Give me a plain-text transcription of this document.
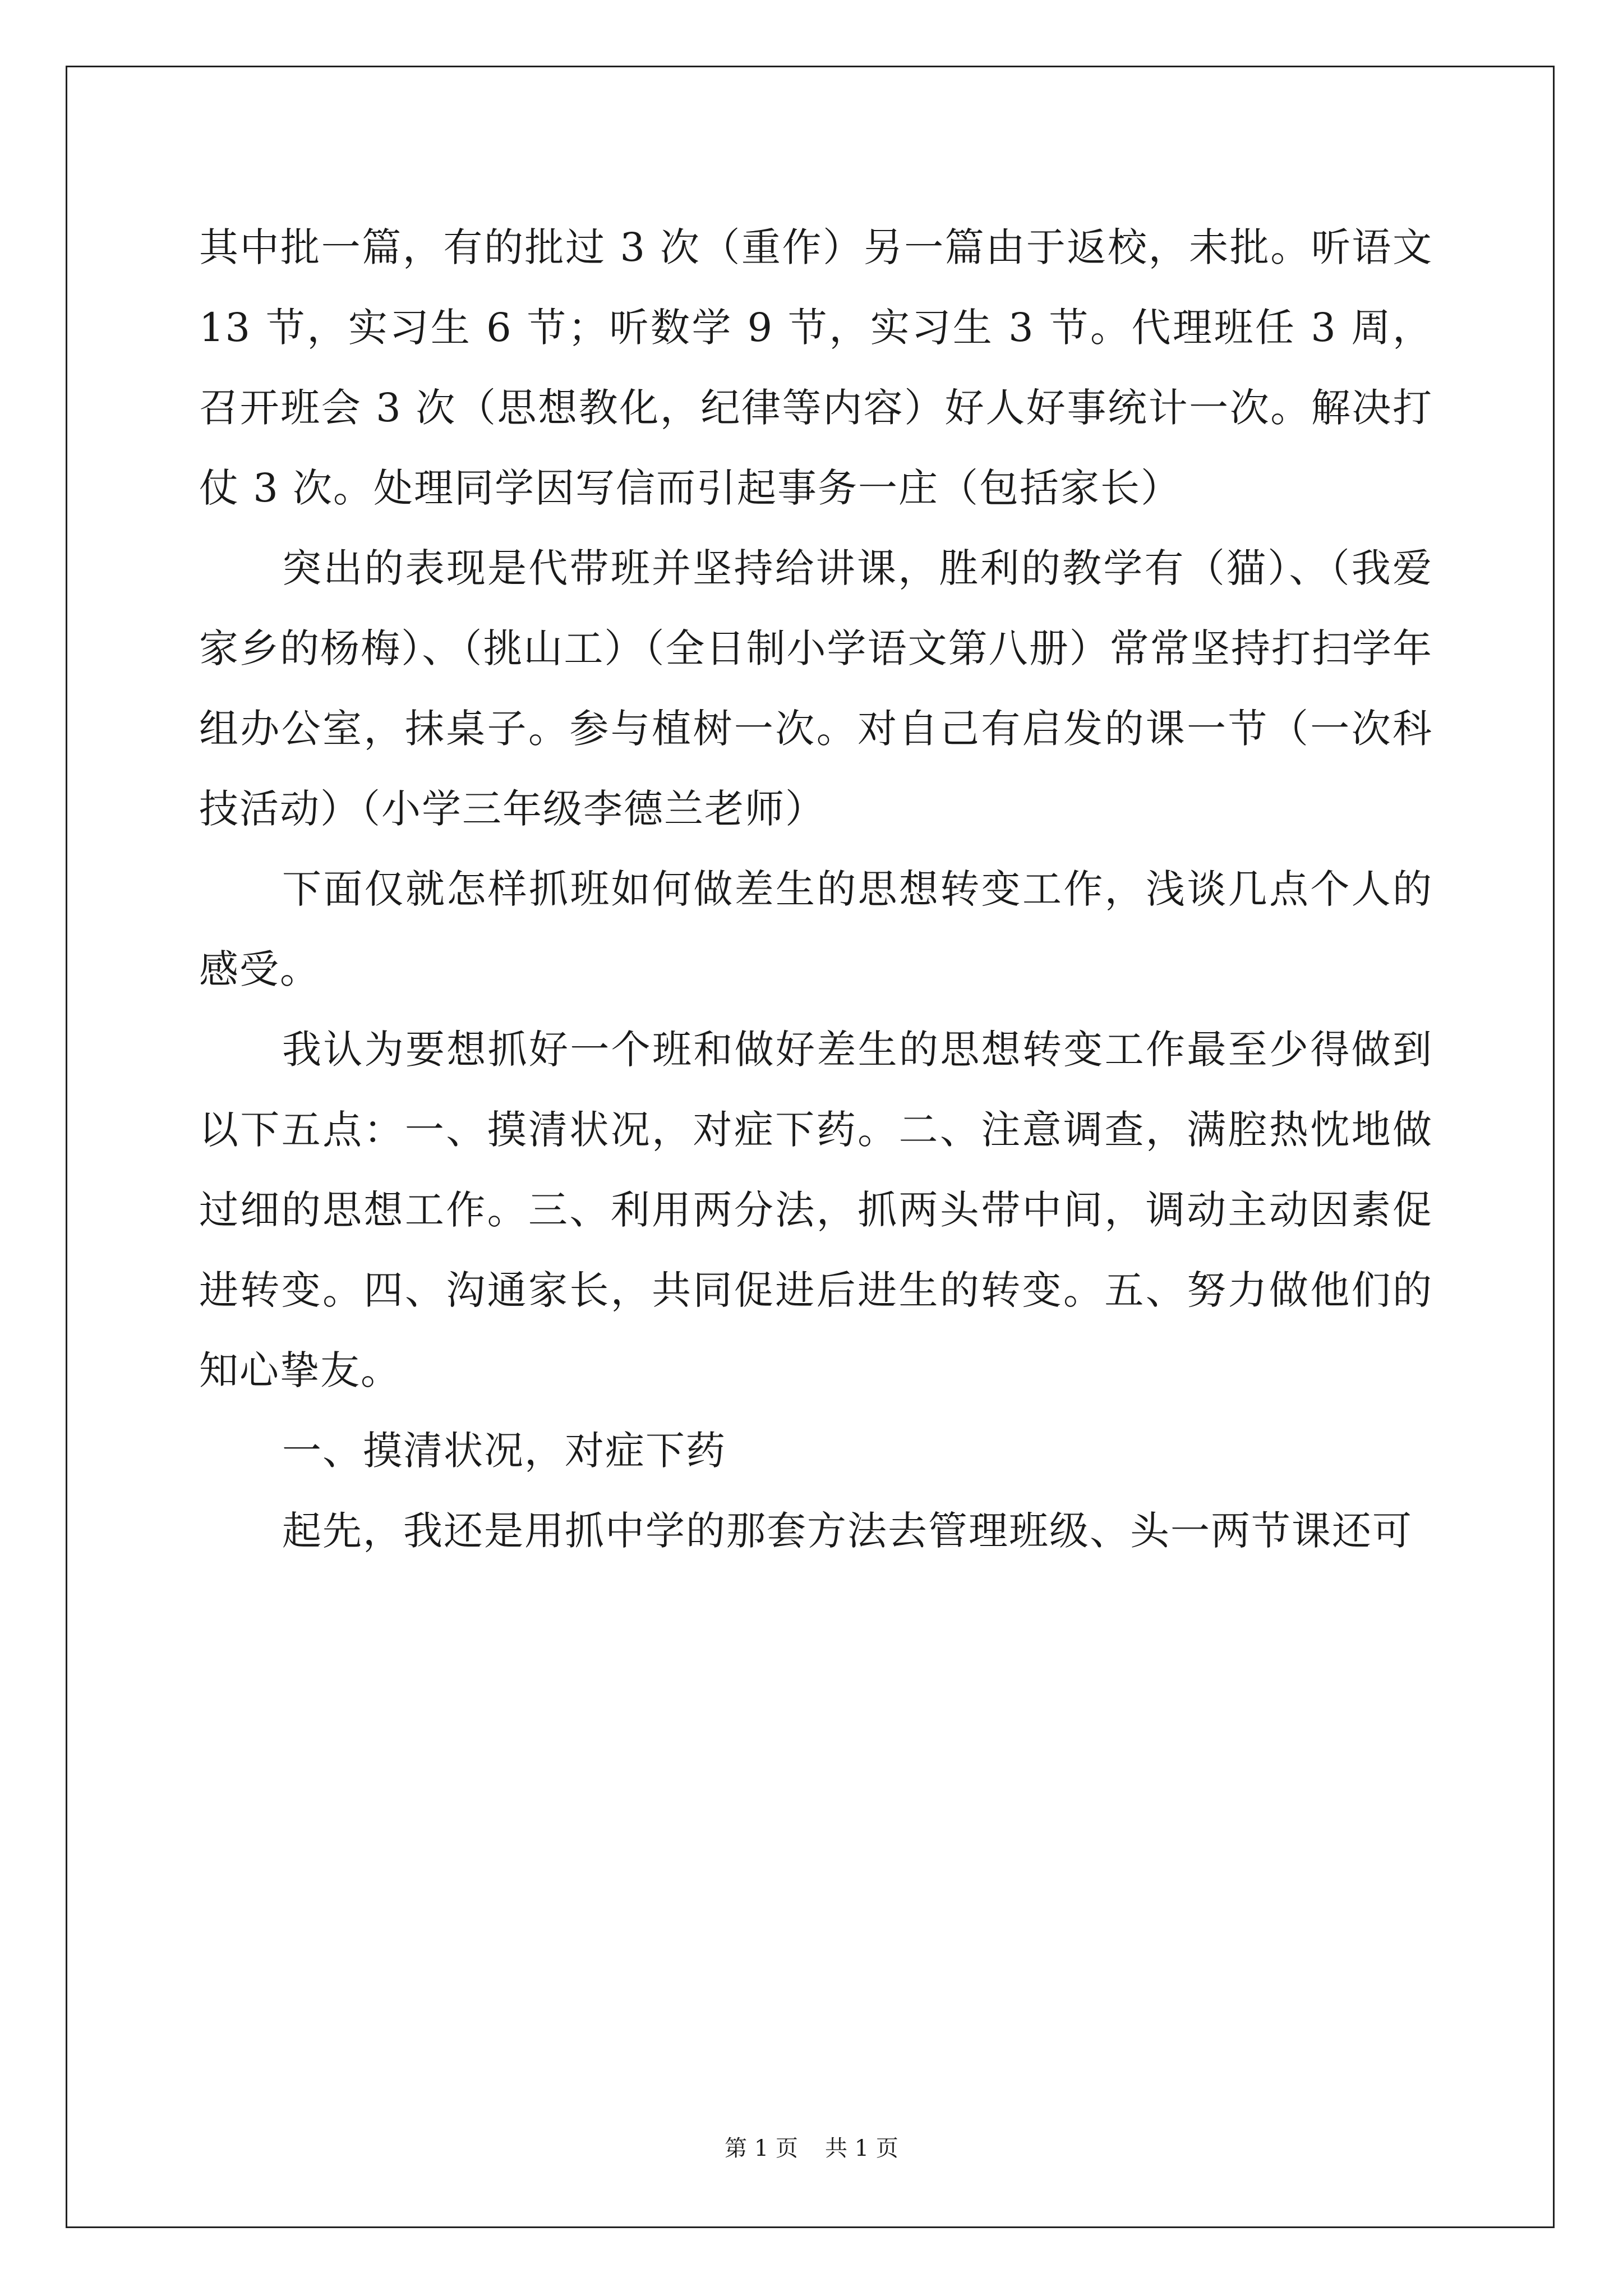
其中批一篇，有的批过 3 次（重作）另一篇由于返校，未批。听语文 13 节，实习生 6 节；听数学 9 节，实习生 3 节。代理班任 3 周，召开班会 3 次（思想教化，纪律等内容）好人好事统计一次。解决打仗 3 次。处理同学因写信而引起事务一庄（包括家长）

突出的表现是代带班并坚持给讲课，胜利的教学有（猫）、（我爱家乡的杨梅）、（挑山工）（全日制小学语文第八册）常常坚持打扫学年组办公室，抹桌子。参与植树一次。对自己有启发的课一节（一次科技活动）（小学三年级李德兰老师）

下面仅就怎样抓班如何做差生的思想转变工作，浅谈几点个人的感受。

我认为要想抓好一个班和做好差生的思想转变工作最至少得做到以下五点：一、摸清状况，对症下药。二、注意调查，满腔热忱地做过细的思想工作。三、利用两分法，抓两头带中间，调动主动因素促进转变。四、沟通家长，共同促进后进生的转变。五、努力做他们的知心挚友。

一、摸清状况，对症下药

起先，我还是用抓中学的那套方法去管理班级、头一两节课还可

第 1 页 共 1 页
